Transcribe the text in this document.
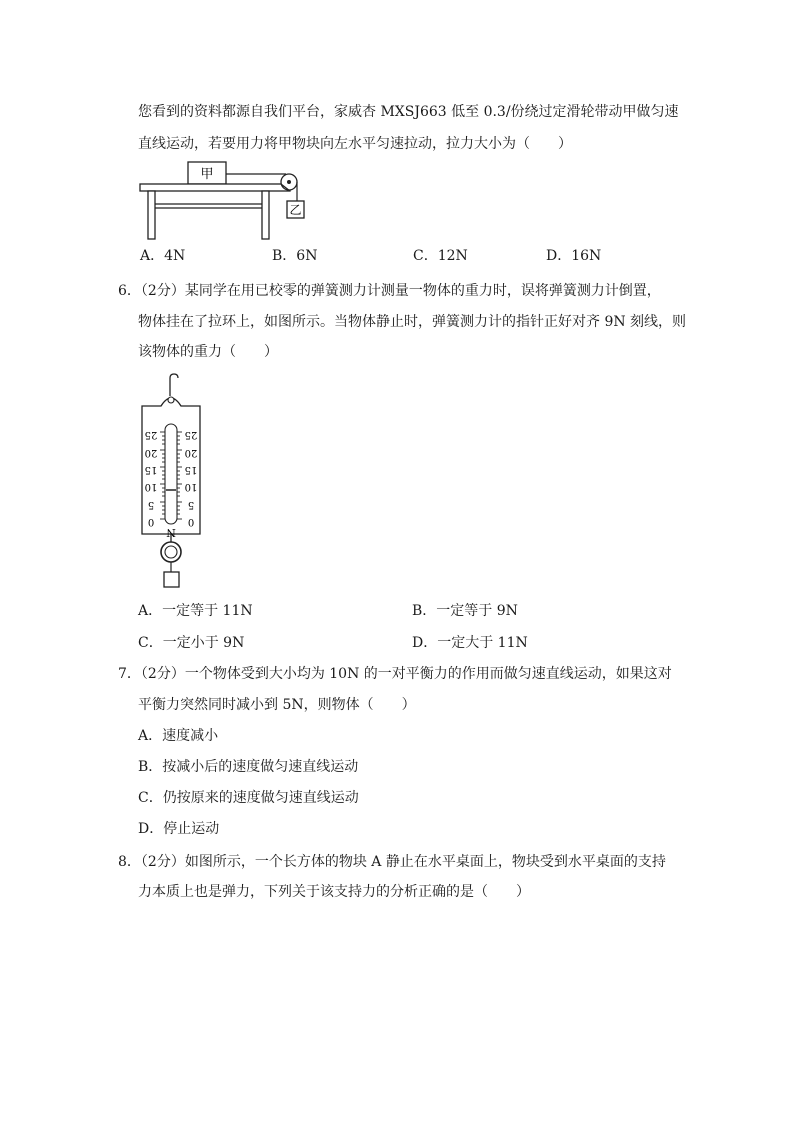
您看到的资料都源自我们平台，家威杏 MXSJ663 低至 0.3/份绕过定滑轮带动甲做匀速
直线运动，若要用力将甲物块向左水平匀速拉动，拉力大小为（　　）
甲
乙
A．4N	B．6N	C．12N	D．16N
6．（2分）某同学在用已校零的弹簧测力计测量一物体的重力时，误将弹簧测力计倒置，
物体挂在了拉环上，如图所示。当物体静止时，弹簧测力计的指针正好对齐 9N 刻线，则
该物体的重力（　　）
25
20
15
10
5
0
25
20
15
10
5
0
N
A．一定等于 11N	B．一定等于 9N
C．一定小于 9N	D．一定大于 11N
7．（2分）一个物体受到大小均为 10N 的一对平衡力的作用而做匀速直线运动，如果这对
平衡力突然同时减小到 5N，则物体（　　）
A．速度减小
B．按减小后的速度做匀速直线运动
C．仍按原来的速度做匀速直线运动
D．停止运动
8．（2分）如图所示，一个长方体的物块 A 静止在水平桌面上，物块受到水平桌面的支持
力本质上也是弹力，下列关于该支持力的分析正确的是（　　）
